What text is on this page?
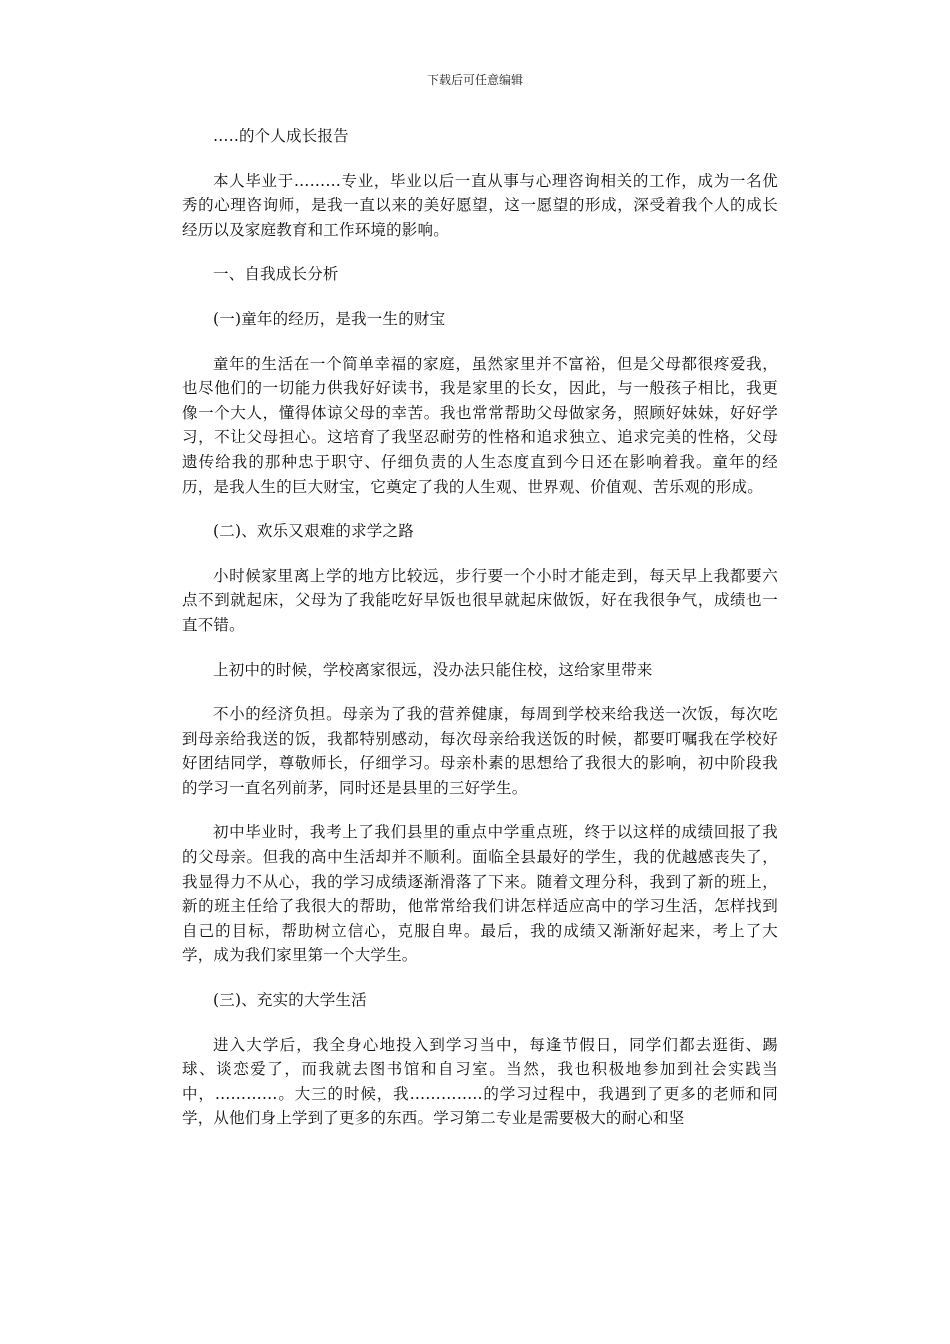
下载后可任意编辑

…..的个人成长报告

本人毕业于………专业，毕业以后一直从事与心理咨询相关的工作，成为一名优秀的心理咨询师，是我一直以来的美好愿望，这一愿望的形成，深受着我个人的成长经历以及家庭教育和工作环境的影响。

一、自我成长分析

(一)童年的经历，是我一生的财宝

童年的生活在一个简单幸福的家庭，虽然家里并不富裕，但是父母都很疼爱我，也尽他们的一切能力供我好好读书，我是家里的长女，因此，与一般孩子相比，我更像一个大人，懂得体谅父母的幸苦。我也常常帮助父母做家务，照顾好妹妹，好好学习，不让父母担心。这培育了我坚忍耐劳的性格和追求独立、追求完美的性格，父母遗传给我的那种忠于职守、仔细负责的人生态度直到今日还在影响着我。童年的经历，是我人生的巨大财宝，它奠定了我的人生观、世界观、价值观、苦乐观的形成。

(二)、欢乐又艰难的求学之路

小时候家里离上学的地方比较远，步行要一个小时才能走到，每天早上我都要六点不到就起床，父母为了我能吃好早饭也很早就起床做饭，好在我很争气，成绩也一直不错。

上初中的时候，学校离家很远，没办法只能住校，这给家里带来

不小的经济负担。母亲为了我的营养健康，每周到学校来给我送一次饭，每次吃到母亲给我送的饭，我都特别感动，每次母亲给我送饭的时候，都要叮嘱我在学校好好团结同学，尊敬师长，仔细学习。母亲朴素的思想给了我很大的影响，初中阶段我的学习一直名列前茅，同时还是县里的三好学生。

初中毕业时，我考上了我们县里的重点中学重点班，终于以这样的成绩回报了我的父母亲。但我的高中生活却并不顺利。面临全县最好的学生，我的优越感丧失了，我显得力不从心，我的学习成绩逐渐滑落了下来。随着文理分科，我到了新的班上，新的班主任给了我很大的帮助，他常常给我们讲怎样适应高中的学习生活，怎样找到自己的目标，帮助树立信心，克服自卑。最后，我的成绩又渐渐好起来，考上了大学，成为我们家里第一个大学生。

(三)、充实的大学生活

进入大学后，我全身心地投入到学习当中，每逢节假日，同学们都去逛街、踢球、谈恋爱了，而我就去图书馆和自习室。当然，我也积极地参加到社会实践当中，…………。大三的时候，我…………..的学习过程中，我遇到了更多的老师和同学，从他们身上学到了更多的东西。学习第二专业是需要极大的耐心和坚
